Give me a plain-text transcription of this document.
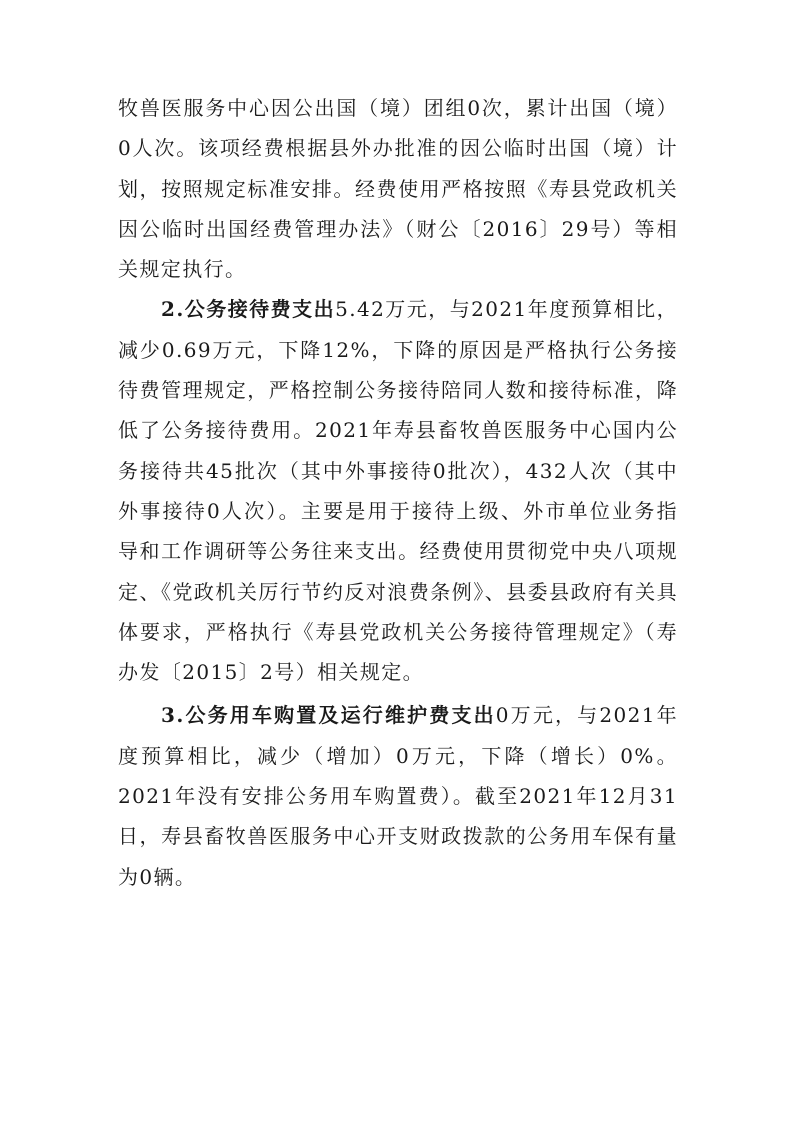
牧兽医服务中心因公出国（境）团组0次，累计出国（境）0人次。该项经费根据县外办批准的因公临时出国（境）计划，按照规定标准安排。经费使用严格按照《寿县党政机关因公临时出国经费管理办法》（财公〔2016〕29号）等相关规定执行。

2.公务接待费支出5.42万元，与2021年度预算相比，减少0.69万元，下降12%，下降的原因是严格执行公务接待费管理规定，严格控制公务接待陪同人数和接待标准，降低了公务接待费用。2021年寿县畜牧兽医服务中心国内公务接待共45批次（其中外事接待0批次），432人次（其中外事接待0人次）。主要是用于接待上级、外市单位业务指导和工作调研等公务往来支出。经费使用贯彻党中央八项规定、《党政机关厉行节约反对浪费条例》、县委县政府有关具体要求，严格执行《寿县党政机关公务接待管理规定》（寿办发〔2015〕2号）相关规定。

3.公务用车购置及运行维护费支出0万元，与2021年度预算相比，减少（增加）0万元，下降（增长）0%。2021年没有安排公务用车购置费）。截至2021年12月31日，寿县畜牧兽医服务中心开支财政拨款的公务用车保有量为0辆。
